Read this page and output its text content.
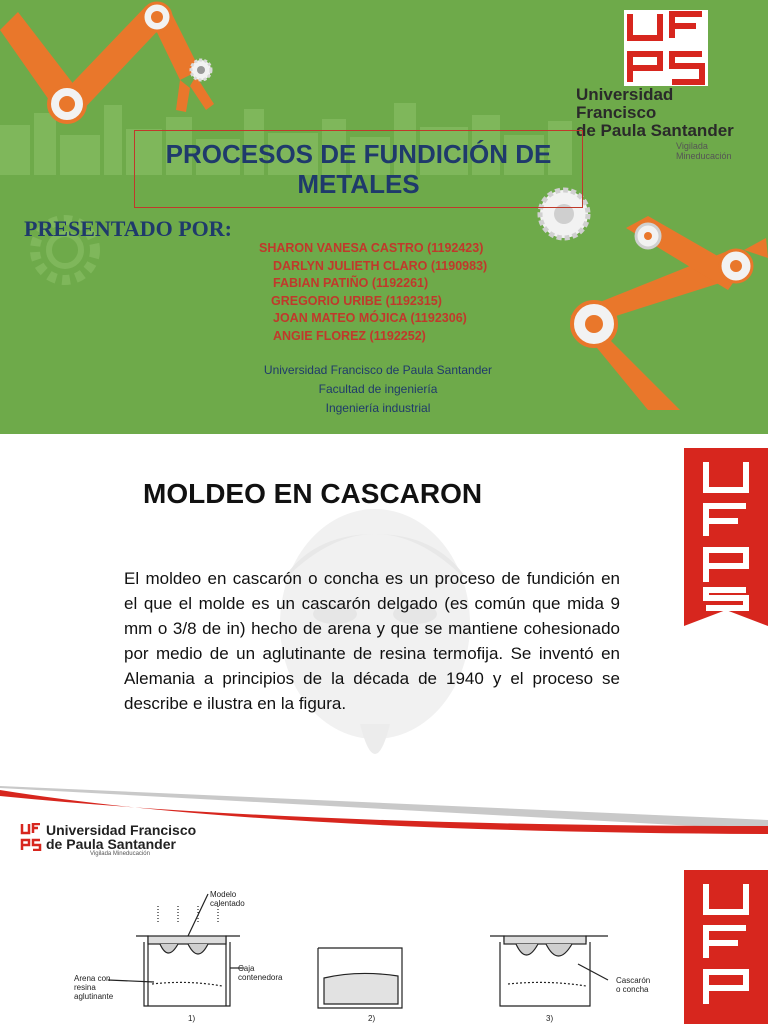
Universidad Francisco
de Paula Santander
Vigilada Mineducación
PROCESOS DE FUNDICIÓN DE
METALES
PRESENTADO POR:
SHARON VANESA CASTRO (1192423)
DARLYN JULIETH CLARO (1190983)
FABIAN PATIÑO (1192261)
GREGORIO URIBE (1192315)
JOAN MATEO MÓJICA (1192306)
ANGIE FLOREZ (1192252)
Universidad Francisco de Paula Santander
Facultad de ingeniería
Ingeniería industrial
MOLDEO EN CASCARON
El moldeo en cascarón o concha es un proceso de fundición en el que el molde es un cascarón delgado (es común que mida 9 mm o 3/8 de in) hecho de arena y que se mantiene cohesionado por medio de un aglutinante de resina termofija. Se inventó en Alemania a principios de la década de 1940 y el proceso se describe e ilustra en la figura.
Universidad Francisco
de Paula Santander
Vigilada Mineducación
Modelo
calentado
Caja
contenedora
Arena con
resina
aglutinante
Cascarón
o concha
1)	2)	3)
